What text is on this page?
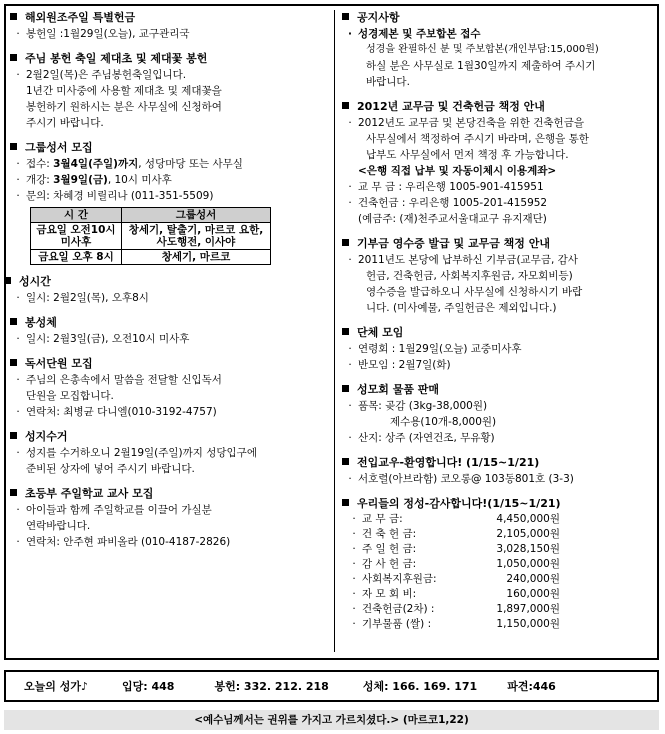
해외원조주일 특별헌금
· 봉헌일 :1월29일(오늘), 교구관리국
주님 봉헌 축일 제대초 및 제대꽃 봉헌
· 2월2일(목)은 주님봉헌축일입니다.
1년간 미사중에 사용할 제대초 및 제대꽃을
봉헌하기 원하시는 분은 사무실에 신청하여
주시기 바랍니다.
그룹성서 모집
· 접수: 3월4일(주일)까지, 성당마당 또는 사무실
· 개강: 3월9일(금), 10시 미사후
· 문의: 차혜경 비릴리나 (011-351-5509)
시 간	그룹성서
금요일 오전10시 미사후	창세기, 탈출기, 마르코 요한, 사도행전, 이사야
금요일 오후 8시	창세기, 마르코
성시간
· 일시: 2월2일(목), 오후8시
봉성체
· 일시: 2월3일(금), 오전10시 미사후
독서단원 모집
· 주님의 은총속에서 말씀을 전달할 신입독서
단원을 모집합니다.
· 연락처: 최병균 다니엘(010-3192-4757)
성지수거
· 성지를 수거하오니 2월19일(주일)까지 성당입구에
준비된 상자에 넣어 주시기 바랍니다.
초등부 주일학교 교사 모집
· 아이들과 함께 주일학교를 이끌어 가실분
연락바랍니다.
· 연락처: 안주현 파비올라 (010-4187-2826)
공지사항
· 성경제본 및 주보합본 접수
성경을 완필하신 분 및 주보합본(개인부담:15,000원)
하실 분은 사무실로 1월30일까지 제출하여 주시기
바랍니다.
2012년 교무금 및 건축헌금 책정 안내
· 2012년도 교무금 및 본당건축을 위한 건축헌금을
사무실에서 책정하여 주시기 바라며, 은행을 통한
납부도 사무실에서 먼저 책정 후 가능합니다.
<은행 직접 납부 및 자동이체시 이용계좌>
· 교 무 금 : 우리은행 1005-901-415951
· 건축헌금 : 우리은행 1005-201-415952
(예금주: (재)천주교서울대교구 유지재단)
기부금 영수증 발급 및 교무금 책정 안내
· 2011년도 본당에 납부하신 기부금(교무금, 감사
헌금, 건축헌금, 사회복지후원금, 자모회비등)
영수증을 발급하오니 사무실에 신청하시기 바랍
니다. (미사예물, 주일헌금은 제외입니다.)
단체 모임
· 연령회 : 1월29일(오늘) 교중미사후
· 반모임 : 2월7일(화)
성모회 물품 판매
· 품목: 곶감 (3kg-38,000원)
제수용(10개-8,000원)
· 산지: 상주 (자연건조, 무유황)
전입교우-환영합니다! (1/15~1/21)
· 서호렬(아브라함) 코오롱@ 103동801호 (3-3)
우리들의 정성-감사합니다!(1/15~1/21)
· 교 무 금:	4,450,000원
· 건 축 헌 금:	2,105,000원
· 주 일 헌 금:	3,028,150원
· 감 사 헌 금:	1,050,000원
· 사회복지후원금:	240,000원
· 자 모 회 비:	160,000원
· 건축헌금(2차) :	1,897,000원
· 기부물품 (쌀) :	1,150,000원
오늘의 성가♪	입당: 448	봉헌: 332. 212. 218	성체: 166. 169. 171	파견:446
<예수님께서는 권위를 가지고 가르치셨다.> (마르코1,22)
